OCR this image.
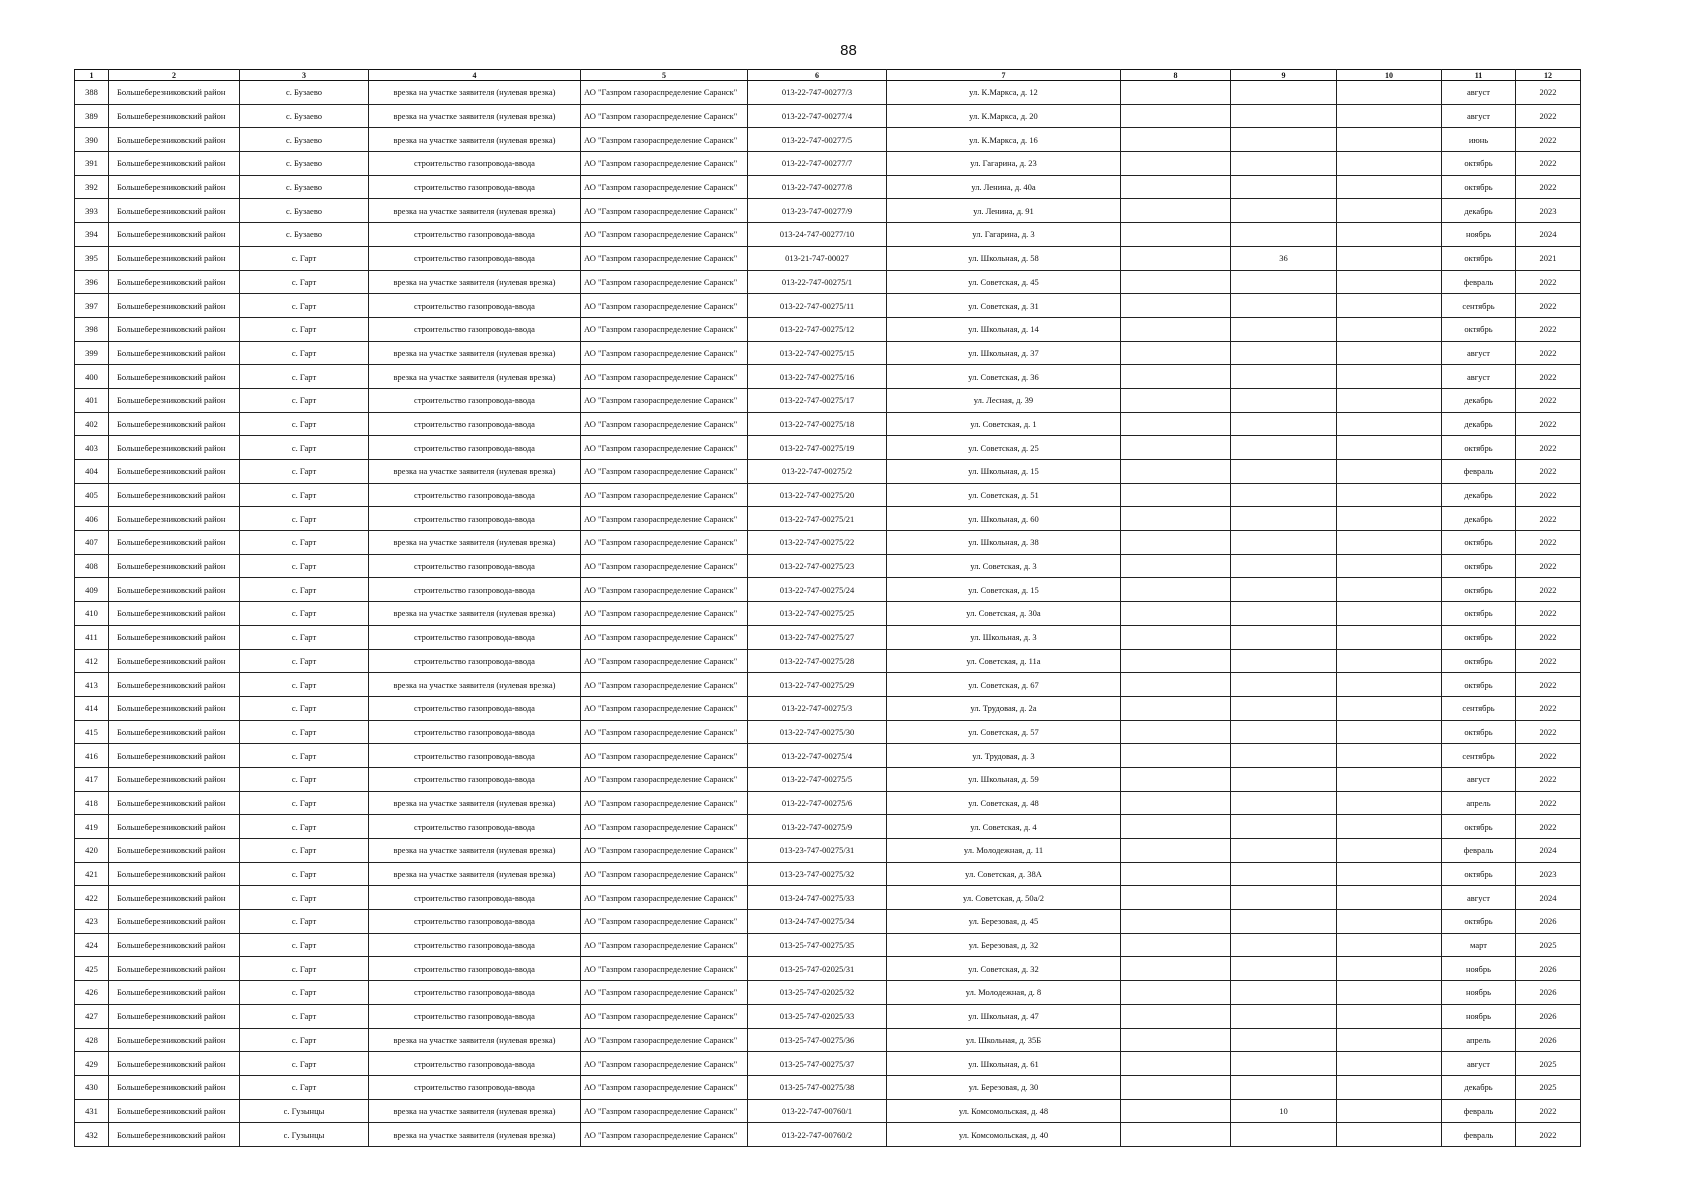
88
1	2	3	4	5	6	7	8	9	10	11	12
388	Большеберезниковский район	с. Бузаево	врезка на участке заявителя (нулевая врезка)	АО "Газпром газораспределение Саранск"	013-22-747-00277/3	ул. К.Маркса, д. 12				август	2022
389	Большеберезниковский район	с. Бузаево	врезка на участке заявителя (нулевая врезка)	АО "Газпром газораспределение Саранск"	013-22-747-00277/4	ул. К.Маркса, д. 20				август	2022
390	Большеберезниковский район	с. Бузаево	врезка на участке заявителя (нулевая врезка)	АО "Газпром газораспределение Саранск"	013-22-747-00277/5	ул. К.Маркса, д. 16				июнь	2022
391	Большеберезниковский район	с. Бузаево	строительство газопровода-ввода	АО "Газпром газораспределение Саранск"	013-22-747-00277/7	ул. Гагарина, д. 23				октябрь	2022
392	Большеберезниковский район	с. Бузаево	строительство газопровода-ввода	АО "Газпром газораспределение Саранск"	013-22-747-00277/8	ул. Ленина, д. 40а				октябрь	2022
393	Большеберезниковский район	с. Бузаево	врезка на участке заявителя (нулевая врезка)	АО "Газпром газораспределение Саранск"	013-23-747-00277/9	ул. Ленина, д. 91				декабрь	2023
394	Большеберезниковский район	с. Бузаево	строительство газопровода-ввода	АО "Газпром газораспределение Саранск"	013-24-747-00277/10	ул. Гагарина, д. 3				ноябрь	2024
395	Большеберезниковский район	с. Гарт	строительство газопровода-ввода	АО "Газпром газораспределение Саранск"	013-21-747-00027	ул. Школьная, д. 58		36		октябрь	2021
396	Большеберезниковский район	с. Гарт	врезка на участке заявителя (нулевая врезка)	АО "Газпром газораспределение Саранск"	013-22-747-00275/1	ул. Советская, д. 45				февраль	2022
397	Большеберезниковский район	с. Гарт	строительство газопровода-ввода	АО "Газпром газораспределение Саранск"	013-22-747-00275/11	ул. Советская, д. 31				сентябрь	2022
398	Большеберезниковский район	с. Гарт	строительство газопровода-ввода	АО "Газпром газораспределение Саранск"	013-22-747-00275/12	ул. Школьная, д. 14				октябрь	2022
399	Большеберезниковский район	с. Гарт	врезка на участке заявителя (нулевая врезка)	АО "Газпром газораспределение Саранск"	013-22-747-00275/15	ул. Школьная, д. 37				август	2022
400	Большеберезниковский район	с. Гарт	врезка на участке заявителя (нулевая врезка)	АО "Газпром газораспределение Саранск"	013-22-747-00275/16	ул. Советская, д. 36				август	2022
401	Большеберезниковский район	с. Гарт	строительство газопровода-ввода	АО "Газпром газораспределение Саранск"	013-22-747-00275/17	ул. Лесная, д. 39				декабрь	2022
402	Большеберезниковский район	с. Гарт	строительство газопровода-ввода	АО "Газпром газораспределение Саранск"	013-22-747-00275/18	ул. Советская, д. 1				декабрь	2022
403	Большеберезниковский район	с. Гарт	строительство газопровода-ввода	АО "Газпром газораспределение Саранск"	013-22-747-00275/19	ул. Советская, д. 25				октябрь	2022
404	Большеберезниковский район	с. Гарт	врезка на участке заявителя (нулевая врезка)	АО "Газпром газораспределение Саранск"	013-22-747-00275/2	ул. Школьная, д. 15				февраль	2022
405	Большеберезниковский район	с. Гарт	строительство газопровода-ввода	АО "Газпром газораспределение Саранск"	013-22-747-00275/20	ул. Советская, д. 51				декабрь	2022
406	Большеберезниковский район	с. Гарт	строительство газопровода-ввода	АО "Газпром газораспределение Саранск"	013-22-747-00275/21	ул. Школьная, д. 60				декабрь	2022
407	Большеберезниковский район	с. Гарт	врезка на участке заявителя (нулевая врезка)	АО "Газпром газораспределение Саранск"	013-22-747-00275/22	ул. Школьная, д. 38				октябрь	2022
408	Большеберезниковский район	с. Гарт	строительство газопровода-ввода	АО "Газпром газораспределение Саранск"	013-22-747-00275/23	ул. Советская, д. 3				октябрь	2022
409	Большеберезниковский район	с. Гарт	строительство газопровода-ввода	АО "Газпром газораспределение Саранск"	013-22-747-00275/24	ул. Советская, д. 15				октябрь	2022
410	Большеберезниковский район	с. Гарт	врезка на участке заявителя (нулевая врезка)	АО "Газпром газораспределение Саранск"	013-22-747-00275/25	ул. Советская, д. 30а				октябрь	2022
411	Большеберезниковский район	с. Гарт	строительство газопровода-ввода	АО "Газпром газораспределение Саранск"	013-22-747-00275/27	ул. Школьная, д. 3				октябрь	2022
412	Большеберезниковский район	с. Гарт	строительство газопровода-ввода	АО "Газпром газораспределение Саранск"	013-22-747-00275/28	ул. Советская, д. 11а				октябрь	2022
413	Большеберезниковский район	с. Гарт	врезка на участке заявителя (нулевая врезка)	АО "Газпром газораспределение Саранск"	013-22-747-00275/29	ул. Советская, д. 67				октябрь	2022
414	Большеберезниковский район	с. Гарт	строительство газопровода-ввода	АО "Газпром газораспределение Саранск"	013-22-747-00275/3	ул. Трудовая, д. 2а				сентябрь	2022
415	Большеберезниковский район	с. Гарт	строительство газопровода-ввода	АО "Газпром газораспределение Саранск"	013-22-747-00275/30	ул. Советская, д. 57				октябрь	2022
416	Большеберезниковский район	с. Гарт	строительство газопровода-ввода	АО "Газпром газораспределение Саранск"	013-22-747-00275/4	ул. Трудовая, д. 3				сентябрь	2022
417	Большеберезниковский район	с. Гарт	строительство газопровода-ввода	АО "Газпром газораспределение Саранск"	013-22-747-00275/5	ул. Школьная, д. 59				август	2022
418	Большеберезниковский район	с. Гарт	врезка на участке заявителя (нулевая врезка)	АО "Газпром газораспределение Саранск"	013-22-747-00275/6	ул. Советская, д. 48				апрель	2022
419	Большеберезниковский район	с. Гарт	строительство газопровода-ввода	АО "Газпром газораспределение Саранск"	013-22-747-00275/9	ул. Советская, д. 4				октябрь	2022
420	Большеберезниковский район	с. Гарт	врезка на участке заявителя (нулевая врезка)	АО "Газпром газораспределение Саранск"	013-23-747-00275/31	ул. Молодежная, д. 11				февраль	2024
421	Большеберезниковский район	с. Гарт	врезка на участке заявителя (нулевая врезка)	АО "Газпром газораспределение Саранск"	013-23-747-00275/32	ул. Советская, д. 38А				октябрь	2023
422	Большеберезниковский район	с. Гарт	строительство газопровода-ввода	АО "Газпром газораспределение Саранск"	013-24-747-00275/33	ул. Советская, д. 50а/2				август	2024
423	Большеберезниковский район	с. Гарт	строительство газопровода-ввода	АО "Газпром газораспределение Саранск"	013-24-747-00275/34	ул. Березовая, д. 45				октябрь	2026
424	Большеберезниковский район	с. Гарт	строительство газопровода-ввода	АО "Газпром газораспределение Саранск"	013-25-747-00275/35	ул. Березовая, д. 32				март	2025
425	Большеберезниковский район	с. Гарт	строительство газопровода-ввода	АО "Газпром газораспределение Саранск"	013-25-747-02025/31	ул. Советская, д. 32				ноябрь	2026
426	Большеберезниковский район	с. Гарт	строительство газопровода-ввода	АО "Газпром газораспределение Саранск"	013-25-747-02025/32	ул. Молодежная, д. 8				ноябрь	2026
427	Большеберезниковский район	с. Гарт	строительство газопровода-ввода	АО "Газпром газораспределение Саранск"	013-25-747-02025/33	ул. Школьная, д. 47				ноябрь	2026
428	Большеберезниковский район	с. Гарт	врезка на участке заявителя (нулевая врезка)	АО "Газпром газораспределение Саранск"	013-25-747-00275/36	ул. Школьная, д. 35Б				апрель	2026
429	Большеберезниковский район	с. Гарт	строительство газопровода-ввода	АО "Газпром газораспределение Саранск"	013-25-747-00275/37	ул. Школьная, д. 61				август	2025
430	Большеберезниковский район	с. Гарт	строительство газопровода-ввода	АО "Газпром газораспределение Саранск"	013-25-747-00275/38	ул. Березовая, д. 30				декабрь	2025
431	Большеберезниковский район	с. Гузынцы	врезка на участке заявителя (нулевая врезка)	АО "Газпром газораспределение Саранск"	013-22-747-00760/1	ул. Комсомольская, д. 48		10		февраль	2022
432	Большеберезниковский район	с. Гузынцы	врезка на участке заявителя (нулевая врезка)	АО "Газпром газораспределение Саранск"	013-22-747-00760/2	ул. Комсомольская, д. 40				февраль	2022
